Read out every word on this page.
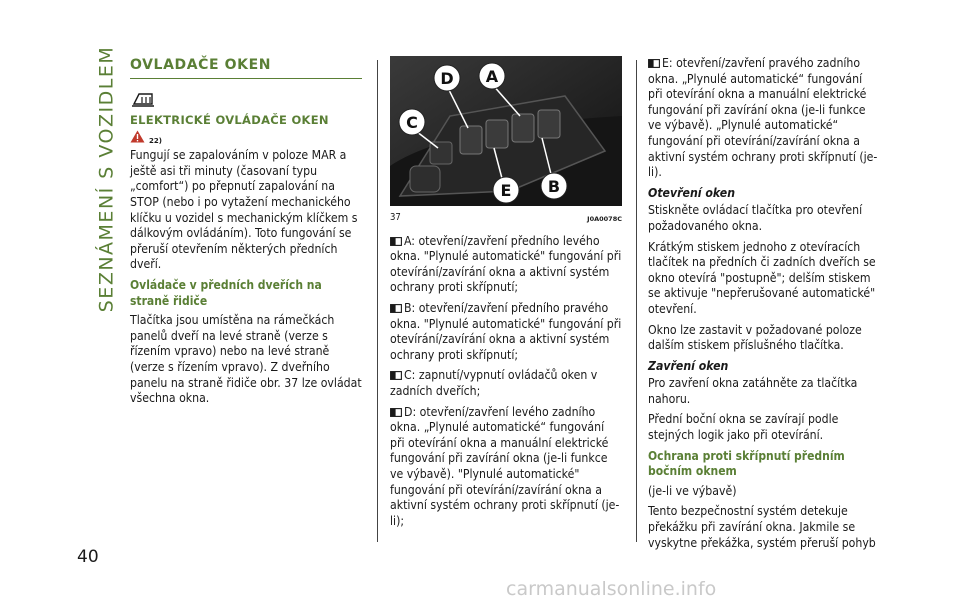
SEZNÁMENÍ S VOZIDLEM OVLADAČE OKEN
ELEKTRICKÉ OVLÁDAČE OKEN
22)

Fungují se zapalováním v poloze MAR a ještě asi tři minuty (časovaní typu „comfort“) po přepnutí zapalování na STOP (nebo i po vytažení mechanického klíčku u vozidel s mechanickým klíčkem s dálkovým ovládáním). Toto fungování se přeruší otevřením některých předních dveří.

Ovládače v předních dveřích na straně řidiče

Tlačítka jsou umístěna na rámečkách panelů dveří na levé straně (verze s řízením vpravo) nebo na levé straně (verze s řízením vpravo). Z dveřního panelu na straně řidiče obr. 37 lze ovládat všechna okna.

D A
C
E B
37	J0A0078C

A: otevření/zavření předního levého okna. "Plynulé automatické" fungování při otevírání/zavírání okna a aktivní systém ochrany proti skřípnutí;

B: otevření/zavření předního pravého okna. "Plynulé automatické" fungování při otevírání/zavírání okna a aktivní systém ochrany proti skřípnutí;

C: zapnutí/vypnutí ovládačů oken v zadních dveřích;

D: otevření/zavření levého zadního okna. „Plynulé automatické“ fungování při otevírání okna a manuální elektrické fungování při zavírání okna (je-li funkce ve výbavě). "Plynulé automatické" fungování při otevírání/zavírání okna a aktivní systém ochrany proti skřípnutí (je-li);

E: otevření/zavření pravého zadního okna. „Plynulé automatické“ fungování při otevírání okna a manuální elektrické fungování při zavírání okna (je-li funkce ve výbavě). „Plynulé automatické“ fungování při otevírání/zavírání okna a aktivní systém ochrany proti skřípnutí (je-li).

Otevření oken

Stiskněte ovládací tlačítka pro otevření požadovaného okna.

Krátkým stiskem jednoho z otevíracích tlačítek na předních či zadních dveřích se okno otevírá "postupně"; delším stiskem se aktivuje "nepřerušované automatické" otevření.

Okno lze zastavit v požadované poloze dalším stiskem příslušného tlačítka.

Zavření oken

Pro zavření okna zatáhněte za tlačítka nahoru.

Přední boční okna se zavírají podle stejných logik jako při otevírání.

Ochrana proti skřípnutí předním bočním oknem

(je-li ve výbavě)

Tento bezpečnostní systém detekuje překážku při zavírání okna. Jakmile se vyskytne překážka, systém přeruší pohyb

40
carmanualsonline.info
